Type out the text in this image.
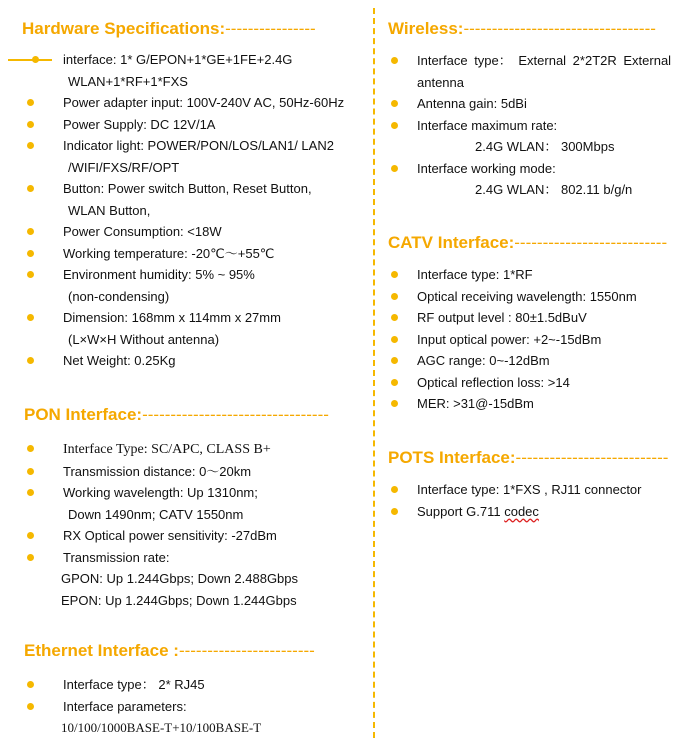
Hardware Specifications:----------------
interface: 1* G/EPON+1*GE+1FE+2.4G
WLAN+1*RF+1*FXS
Power adapter input: 100V-240V AC, 50Hz-60Hz
Power Supply: DC 12V/1A
Indicator light: POWER/PON/LOS/LAN1/ LAN2
/WIFI/FXS/RF/OPT
Button: Power switch Button, Reset Button,
WLAN Button,
Power Consumption: <18W
Working temperature: -20℃～+55℃
Environment humidity: 5% ~ 95%
(non-condensing)
Dimension: 168mm x 114mm x 27mm
(L×W×H Without antenna)
Net Weight: 0.25Kg
PON Interface:---------------------------------
Interface Type: SC/APC, CLASS B+
Transmission distance: 0～20km
Working wavelength: Up 1310nm;
Down 1490nm; CATV 1550nm
RX Optical power sensitivity: -27dBm
Transmission rate:
GPON: Up 1.244Gbps; Down 2.488Gbps
EPON: Up 1.244Gbps; Down 1.244Gbps
Ethernet Interface :------------------------
Interface type： 2* RJ45
Interface parameters:
10/100/1000BASE-T+10/100BASE-T
Wireless:----------------------------------
Interface type： External 2*2T2R External
antenna
Antenna gain: 5dBi
Interface maximum rate:
2.4G WLAN： 300Mbps
Interface working mode:
2.4G WLAN： 802.11 b/g/n
CATV Interface:---------------------------
Interface type: 1*RF
Optical receiving wavelength: 1550nm
RF output level : 80±1.5dBuV
Input optical power: +2~-15dBm
AGC range: 0~-12dBm
Optical reflection loss: >14
MER: >31@-15dBm
POTS Interface:---------------------------
Interface type: 1*FXS , RJ11 connector
Support G.711 codec
